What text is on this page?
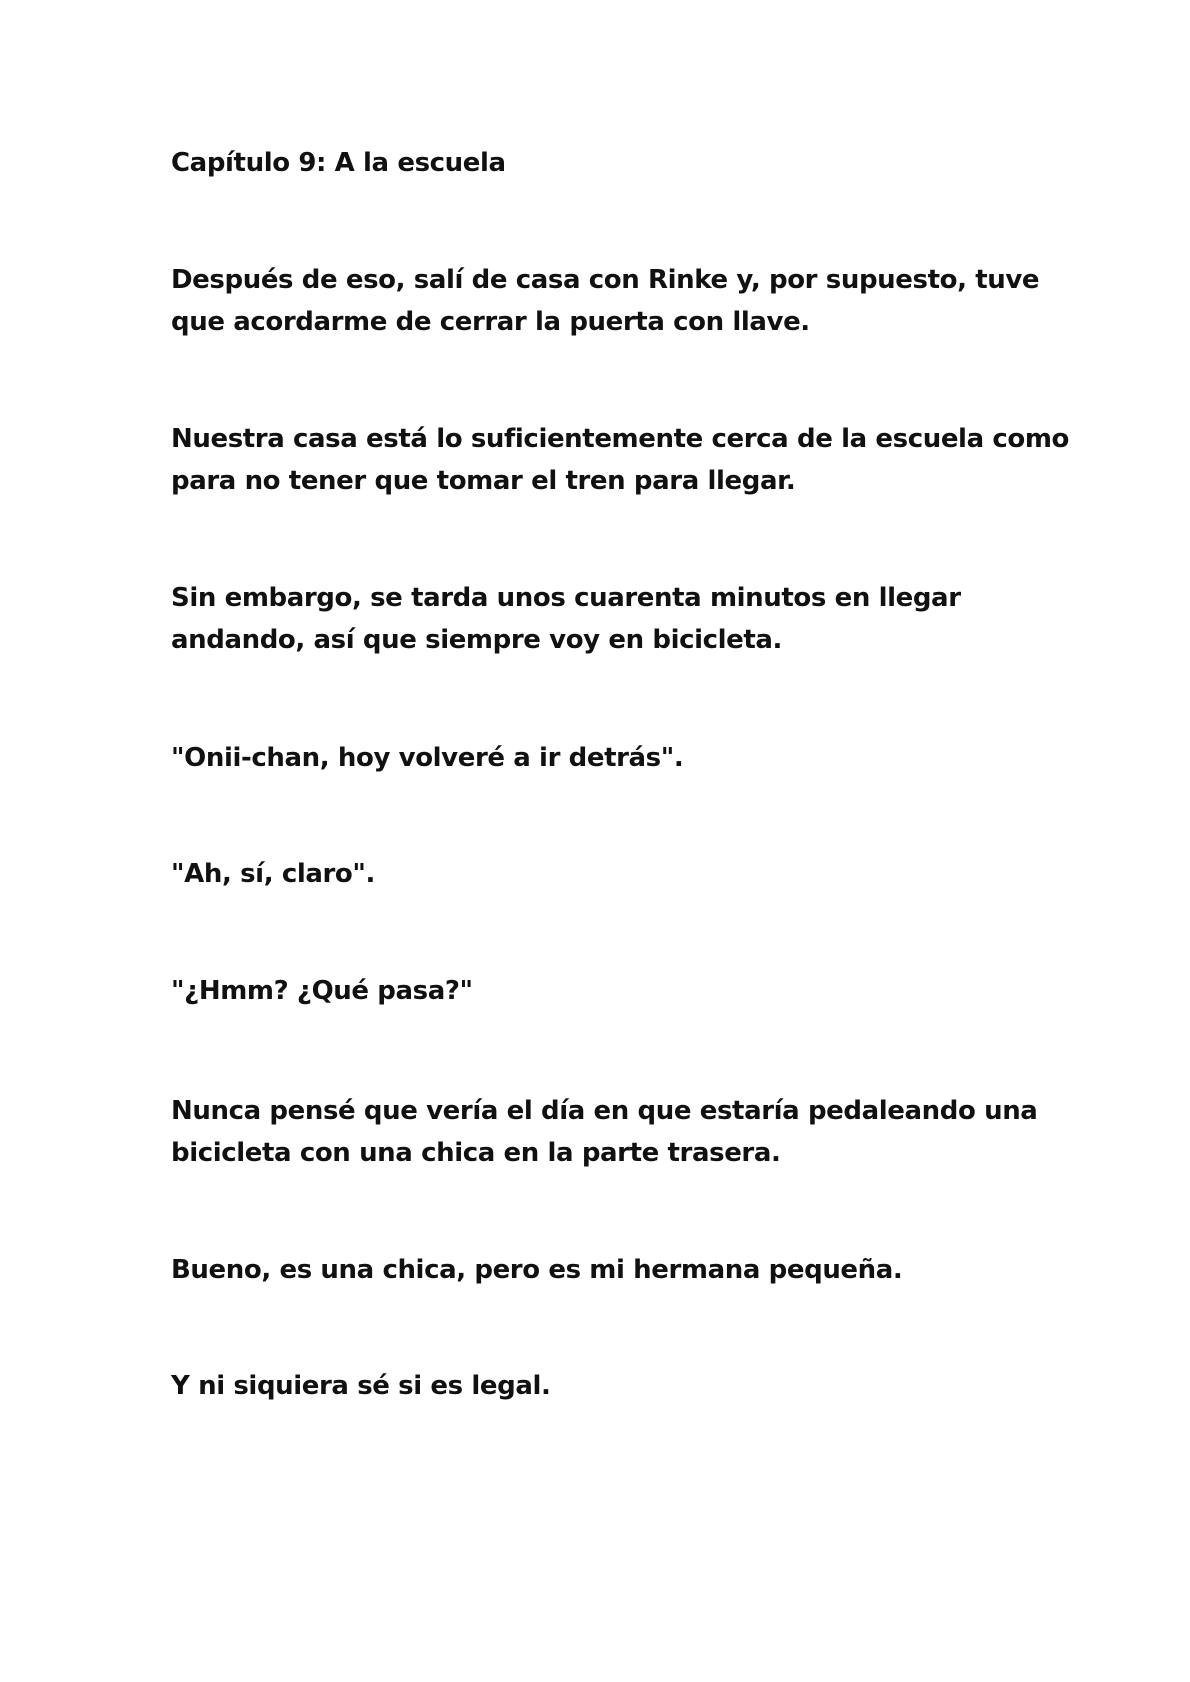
Capítulo 9: A la escuela

Después de eso, salí de casa con Rinke y, por supuesto, tuve
que acordarme de cerrar la puerta con llave.

Nuestra casa está lo suficientemente cerca de la escuela como
para no tener que tomar el tren para llegar.

Sin embargo, se tarda unos cuarenta minutos en llegar
andando, así que siempre voy en bicicleta.

"Onii-chan, hoy volveré a ir detrás".

"Ah, sí, claro".

"¿Hmm? ¿Qué pasa?"

Nunca pensé que vería el día en que estaría pedaleando una
bicicleta con una chica en la parte trasera.

Bueno, es una chica, pero es mi hermana pequeña.

Y ni siquiera sé si es legal.
